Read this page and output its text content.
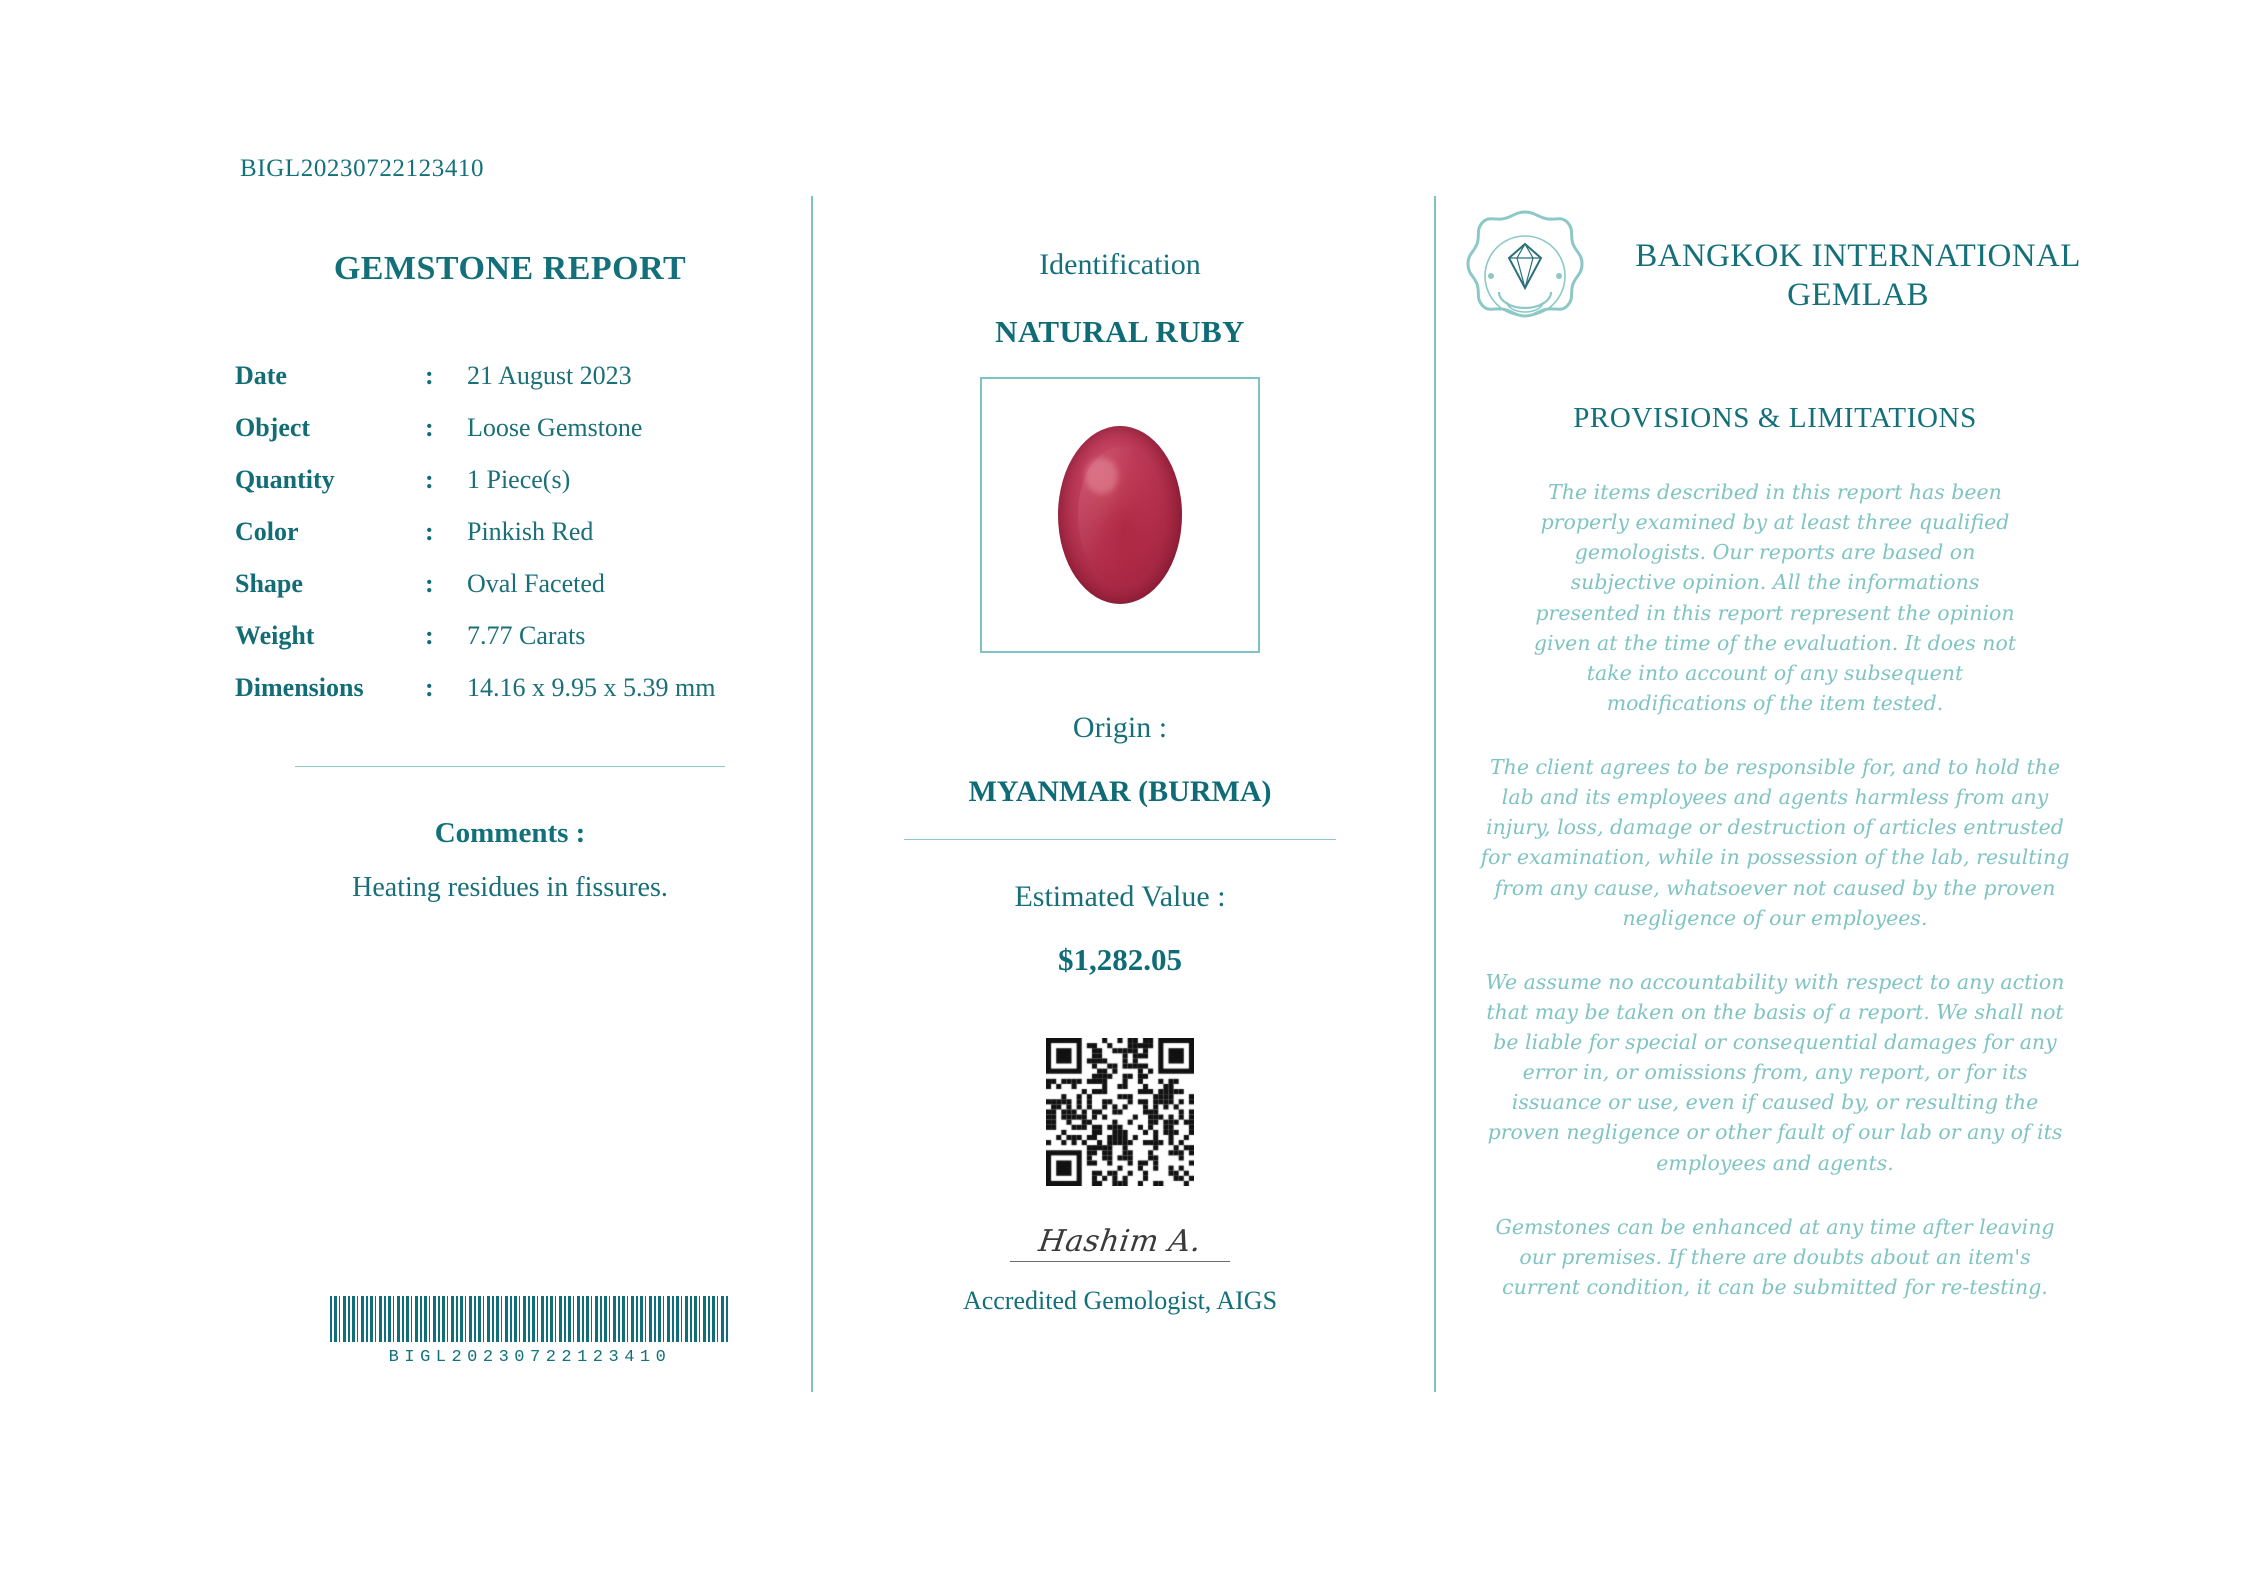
BIGL20230722123410
GEMSTONE REPORT
Date	:	21 August 2023
Object	:	Loose Gemstone
Quantity	:	1 Piece(s)
Color	:	Pinkish Red
Shape	:	Oval Faceted
Weight	:	7.77 Carats
Dimensions	:	14.16 x 9.95 x 5.39 mm
Comments :
Heating residues in fissures.
BIGL20230722123410
Identification
NATURAL RUBY
Origin :
MYANMAR (BURMA)
Estimated Value :
$1,282.05
Hashim A.
Accredited Gemologist, AIGS
BANGKOK INTERNATIONAL GEMLAB
PROVISIONS & LIMITATIONS
The items described in this report has been properly examined by at least three qualified gemologists. Our reports are based on subjective opinion. All the informations presented in this report represent the opinion given at the time of the evaluation. It does not take into account of any subsequent modifications of the item tested.
The client agrees to be responsible for, and to hold the lab and its employees and agents harmless from any injury, loss, damage or destruction of articles entrusted for examination, while in possession of the lab, resulting from any cause, whatsoever not caused by the proven negligence of our employees.
We assume no accountability with respect to any action that may be taken on the basis of a report. We shall not be liable for special or consequential damages for any error in, or omissions from, any report, or for its issuance or use, even if caused by, or resulting the proven negligence or other fault of our lab or any of its employees and agents.
Gemstones can be enhanced at any time after leaving our premises. If there are doubts about an item's current condition, it can be submitted for re-testing.
